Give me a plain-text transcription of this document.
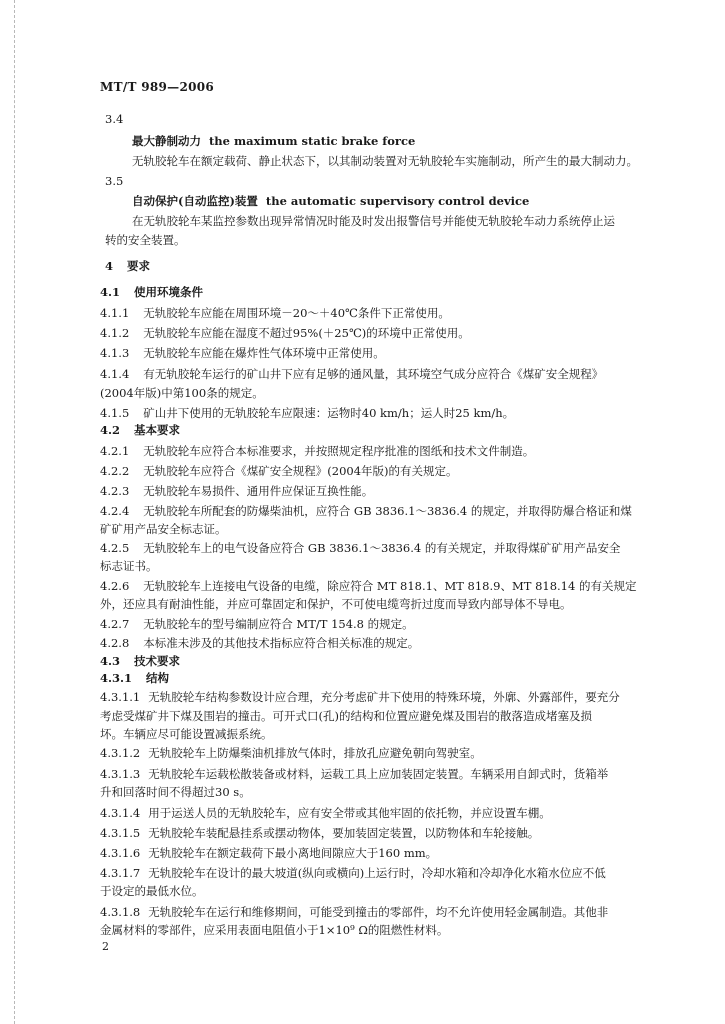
MT/T 989—2006
3.4
最大静制动力 the maximum static brake force
无轨胶轮车在额定载荷、静止状态下，以其制动装置对无轨胶轮车实施制动，所产生的最大制动力。
3.5
自动保护(自动监控)装置 the automatic supervisory control device
在无轨胶轮车某监控参数出现异常情况时能及时发出报警信号并能使无轨胶轮车动力系统停止运
转的安全装置。
4 要求
4.1 使用环境条件
4.1.1 无轨胶轮车应能在周围环境－20～＋40℃条件下正常使用。
4.1.2 无轨胶轮车应能在湿度不超过95%(＋25℃)的环境中正常使用。
4.1.3 无轨胶轮车应能在爆炸性气体环境中正常使用。
4.1.4 有无轨胶轮车运行的矿山井下应有足够的通风量，其环境空气成分应符合《煤矿安全规程》
(2004年版)中第100条的规定。
4.1.5 矿山井下使用的无轨胶轮车应限速：运物时40 km/h；运人时25 km/h。
4.2 基本要求
4.2.1 无轨胶轮车应符合本标准要求，并按照规定程序批准的图纸和技术文件制造。
4.2.2 无轨胶轮车应符合《煤矿安全规程》(2004年版)的有关规定。
4.2.3 无轨胶轮车易损件、通用件应保证互换性能。
4.2.4 无轨胶轮车所配套的防爆柴油机，应符合 GB 3836.1～3836.4 的规定，并取得防爆合格证和煤
矿矿用产品安全标志证。
4.2.5 无轨胶轮车上的电气设备应符合 GB 3836.1～3836.4 的有关规定，并取得煤矿矿用产品安全
标志证书。
4.2.6 无轨胶轮车上连接电气设备的电缆，除应符合 MT 818.1、MT 818.9、MT 818.14 的有关规定
外，还应具有耐油性能，并应可靠固定和保护，不可使电缆弯折过度而导致内部导体不导电。
4.2.7 无轨胶轮车的型号编制应符合 MT/T 154.8 的规定。
4.2.8 本标准未涉及的其他技术指标应符合相关标准的规定。
4.3 技术要求
4.3.1 结构
4.3.1.1 无轨胶轮车结构参数设计应合理，充分考虑矿井下使用的特殊环境，外廓、外露部件，要充分
考虑受煤矿井下煤及围岩的撞击。可开式口(孔)的结构和位置应避免煤及围岩的散落造成堵塞及损
坏。车辆应尽可能设置减振系统。
4.3.1.2 无轨胶轮车上防爆柴油机排放气体时，排放孔应避免朝向驾驶室。
4.3.1.3 无轨胶轮车运载松散装备或材料，运载工具上应加装固定装置。车辆采用自卸式时，货箱举
升和回落时间不得超过30 s。
4.3.1.4 用于运送人员的无轨胶轮车，应有安全带或其他牢固的依托物，并应设置车棚。
4.3.1.5 无轨胶轮车装配悬挂系或摆动物体，要加装固定装置，以防物体和车轮接触。
4.3.1.6 无轨胶轮车在额定载荷下最小离地间隙应大于160 mm。
4.3.1.7 无轨胶轮车在设计的最大坡道(纵向或横向)上运行时，冷却水箱和冷却净化水箱水位应不低
于设定的最低水位。
4.3.1.8 无轨胶轮车在运行和维修期间，可能受到撞击的零部件，均不允许使用轻金属制造。其他非
金属材料的零部件，应采用表面电阻值小于1×10⁹ Ω的阻燃性材料。
2
